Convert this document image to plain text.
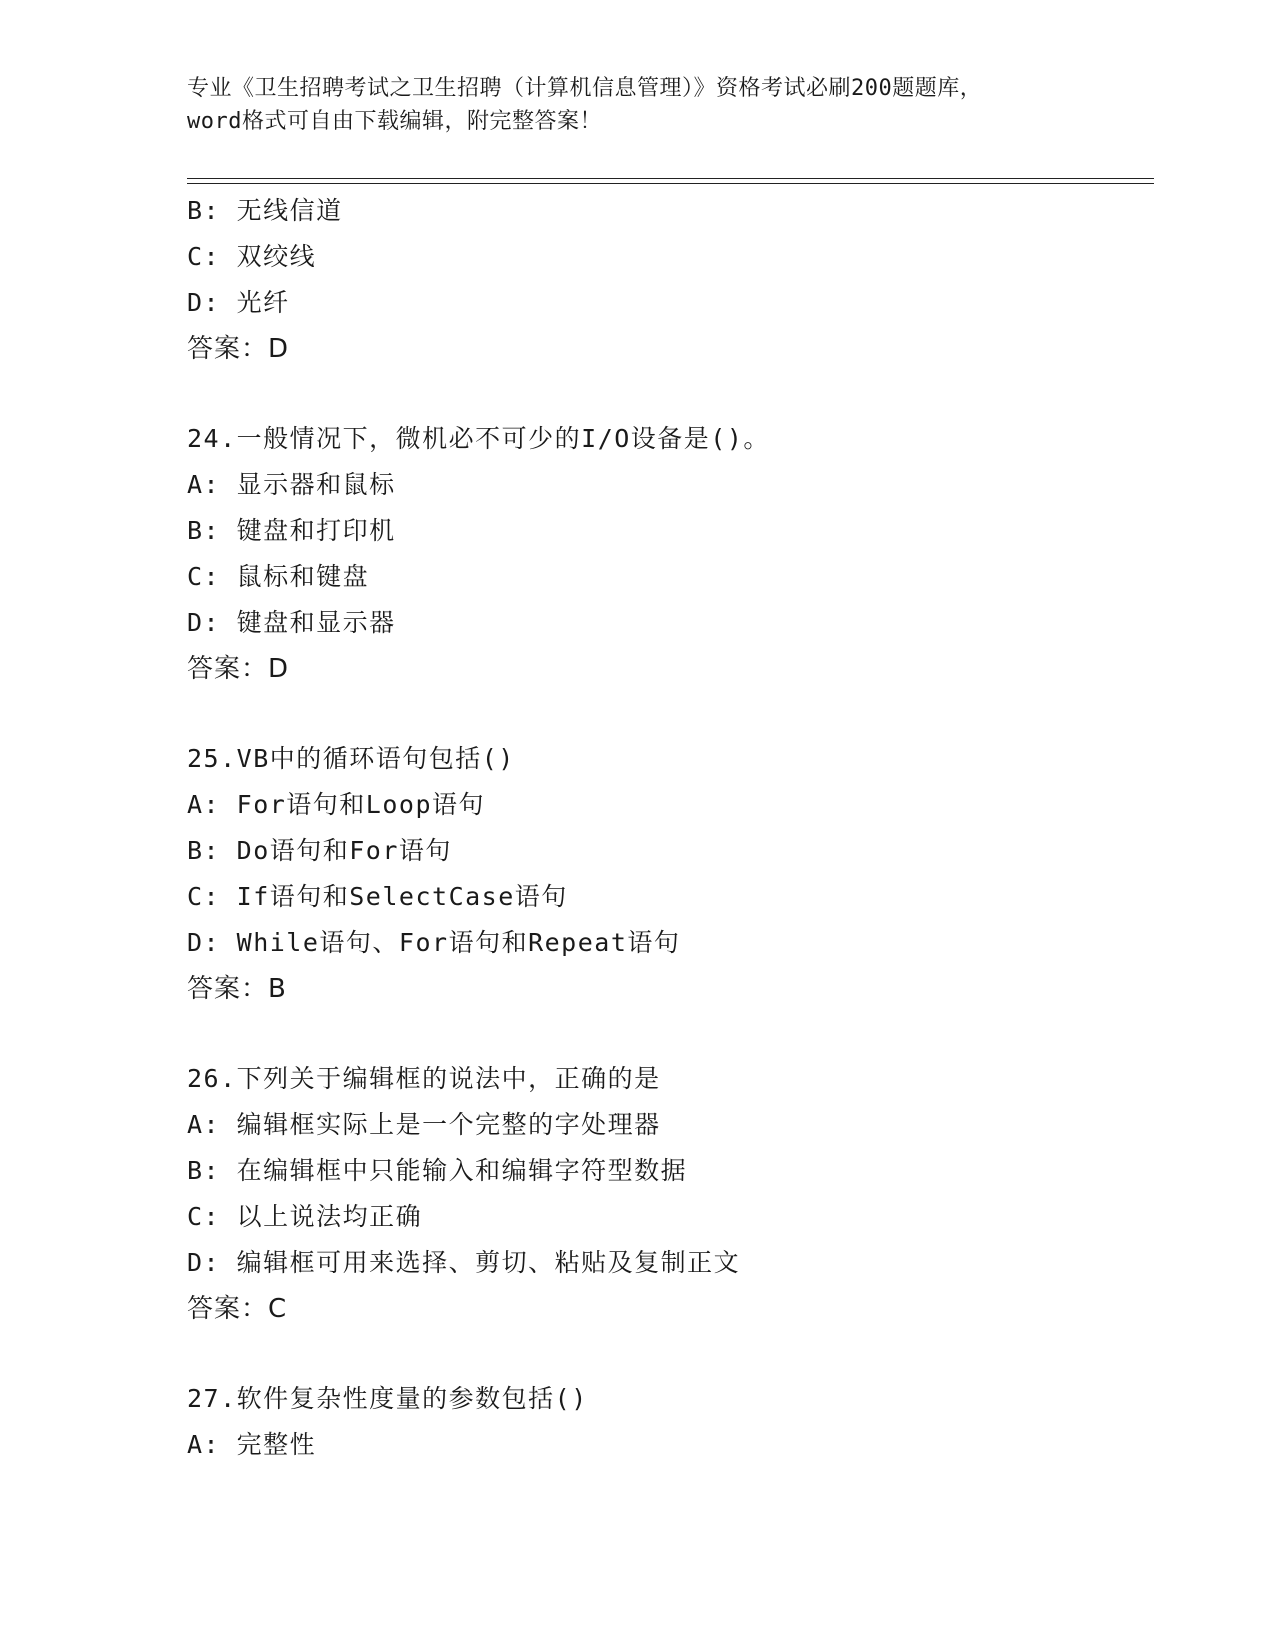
专业《卫生招聘考试之卫生招聘（计算机信息管理）》资格考试必刷200题题库，
word格式可自由下载编辑，附完整答案！
B: 无线信道
C: 双绞线
D: 光纤
答案：D
24.一般情况下，微机必不可少的I/O设备是()。
A: 显示器和鼠标
B: 键盘和打印机
C: 鼠标和键盘
D: 键盘和显示器
答案：D
25.VB中的循环语句包括()
A: For语句和Loop语句
B: Do语句和For语句
C: If语句和SelectCase语句
D: While语句、For语句和Repeat语句
答案：B
26.下列关于编辑框的说法中，正确的是
A: 编辑框实际上是一个完整的字处理器
B: 在编辑框中只能输入和编辑字符型数据
C: 以上说法均正确
D: 编辑框可用来选择、剪切、粘贴及复制正文
答案：C
27.软件复杂性度量的参数包括()
A: 完整性
